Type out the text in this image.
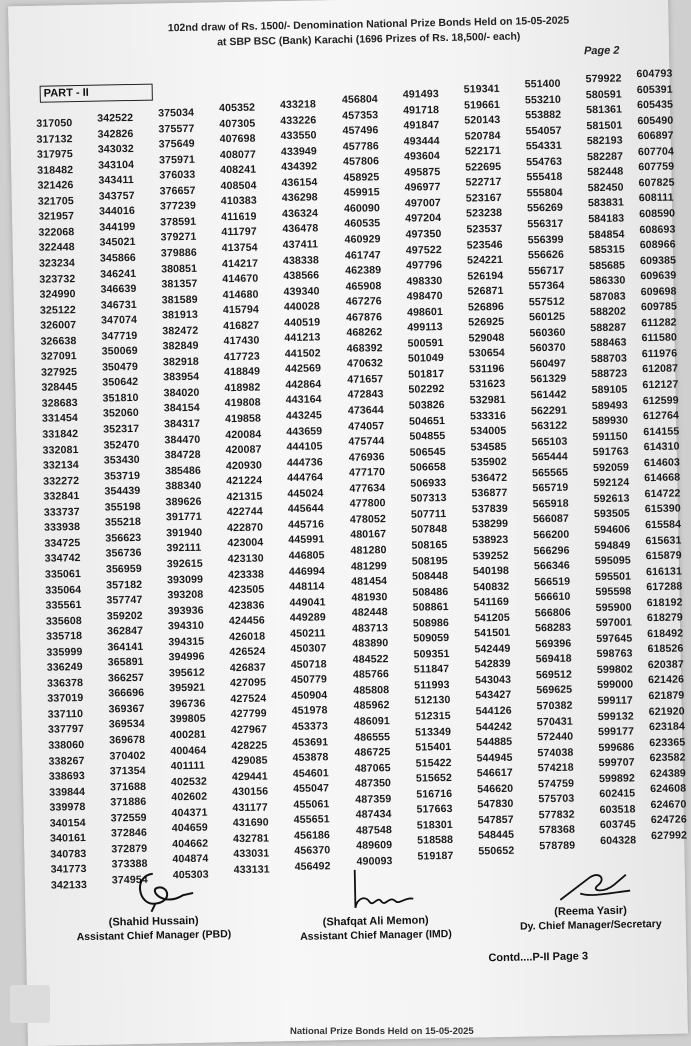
102nd draw of Rs. 1500/- Denomination National Prize Bonds Held on 15-05-2025
at SBP BSC (Bank) Karachi (1696 Prizes of Rs. 18,500/- each)
Page 2
PART - II
317050
317132
317975
318482
321426
321705
321957
322068
322448
323234
323732
324990
325122
326007
326638
327091
327925
328445
328683
331454
331842
332081
332134
332272
332841
333737
333938
334725
334742
335061
335064
335561
335608
335718
335999
336249
336378
337019
337110
337797
338060
338267
338693
339844
339978
340154
340161
340783
341773
342133
342522
342826
343032
343104
343411
343757
344016
344199
345021
345866
346241
346639
346731
347074
347719
350069
350479
350642
351810
352060
352317
352470
353430
353719
354439
355198
355218
356623
356736
356959
357182
357747
359202
362847
364141
365891
366257
366696
369367
369534
369678
370402
371354
371688
371886
372559
372846
372879
373388
374954
375034
375577
375649
375971
376033
376657
377239
378591
379271
379886
380851
381357
381589
381913
382472
382849
382918
383954
384020
384154
384317
384470
384728
385486
388340
389626
391771
391940
392111
392615
393099
393208
393936
394310
394315
394996
395612
395921
396736
399805
400281
400464
401111
402532
402602
404371
404659
404662
404874
405303
405352
407305
407698
408077
408241
408504
410383
411619
411797
413754
414217
414670
414680
415794
416827
417430
417723
418849
418982
419808
419858
420084
420087
420930
421224
421315
422744
422870
423004
423130
423338
423505
423836
424456
426018
426524
426837
427095
427524
427799
427967
428225
429085
429441
430156
431177
431690
432781
433031
433131
433218
433226
433550
433949
434392
436154
436298
436324
436478
437411
438338
438566
439340
440028
440519
441213
441502
442569
442864
443164
443245
443659
444105
444736
444764
445024
445644
445716
445991
446805
446994
448114
449041
449289
450211
450307
450718
450779
450904
451978
453373
453691
453878
454601
455047
455061
455651
456186
456370
456492
456804
457353
457496
457786
457806
458925
459915
460090
460535
460929
461747
462389
465908
467276
467876
468262
468392
470632
471657
472843
473644
474057
475744
476936
477170
477634
477800
478052
480167
481280
481299
481454
481930
482448
483713
483890
484522
485766
485808
485962
486091
486555
486725
487065
487350
487359
487434
487548
489609
490093
491493
491718
491847
493444
493604
495875
496977
497007
497204
497350
497522
497796
498330
498470
498601
499113
500591
501049
501817
502292
503826
504651
504855
506545
506658
506933
507313
507711
507848
508165
508195
508448
508486
508861
508986
509059
509351
511847
511993
512130
512315
513349
515401
515422
515652
516716
517663
518301
518588
519187
519341
519661
520143
520784
522171
522695
522717
523167
523238
523537
523546
524221
526194
526871
526896
526925
529048
530654
531196
531623
532981
533316
534005
534585
535902
536472
536877
537839
538299
538923
539252
540198
540832
541169
541205
541501
542449
542839
543043
543427
544126
544242
544885
544945
546617
546620
547830
547857
548445
550652
551400
553210
553882
554057
554331
554763
555418
555804
556269
556317
556399
556626
556717
557364
557512
560125
560360
560370
560497
561329
561442
562291
563122
565103
565444
565565
565719
565918
566087
566200
566296
566346
566519
566610
566806
568283
569396
569418
569512
569625
570382
570431
572440
574038
574218
574759
575703
577832
578368
578789
579922
580591
581361
581501
582193
582287
582448
582450
583831
584183
584854
585315
585685
586330
587083
588202
588287
588463
588703
588723
589105
589493
589930
591150
591763
592059
592124
592613
593505
594606
594849
595095
595501
595598
595900
597001
597645
598763
599802
599000
599117
599132
599177
599686
599707
599892
602415
603518
603745
604328
604793
605391
605435
605490
606897
607704
607759
607825
608111
608590
608693
608966
609385
609639
609698
609785
611282
611580
611976
612087
612127
612599
612764
614155
614310
614603
614668
614722
615390
615584
615631
615879
616131
617288
618192
618279
618492
618526
620387
621426
621879
621920
623184
623365
623582
624389
624608
624670
624726
627992
(Shahid Hussain)
Assistant Chief Manager (PBD)
(Shafqat Ali Memon)
Assistant Chief Manager (IMD)
(Reema Yasir)
Dy. Chief Manager/Secretary
Contd....P-II Page 3
National Prize Bonds Held on 15-05-2025
